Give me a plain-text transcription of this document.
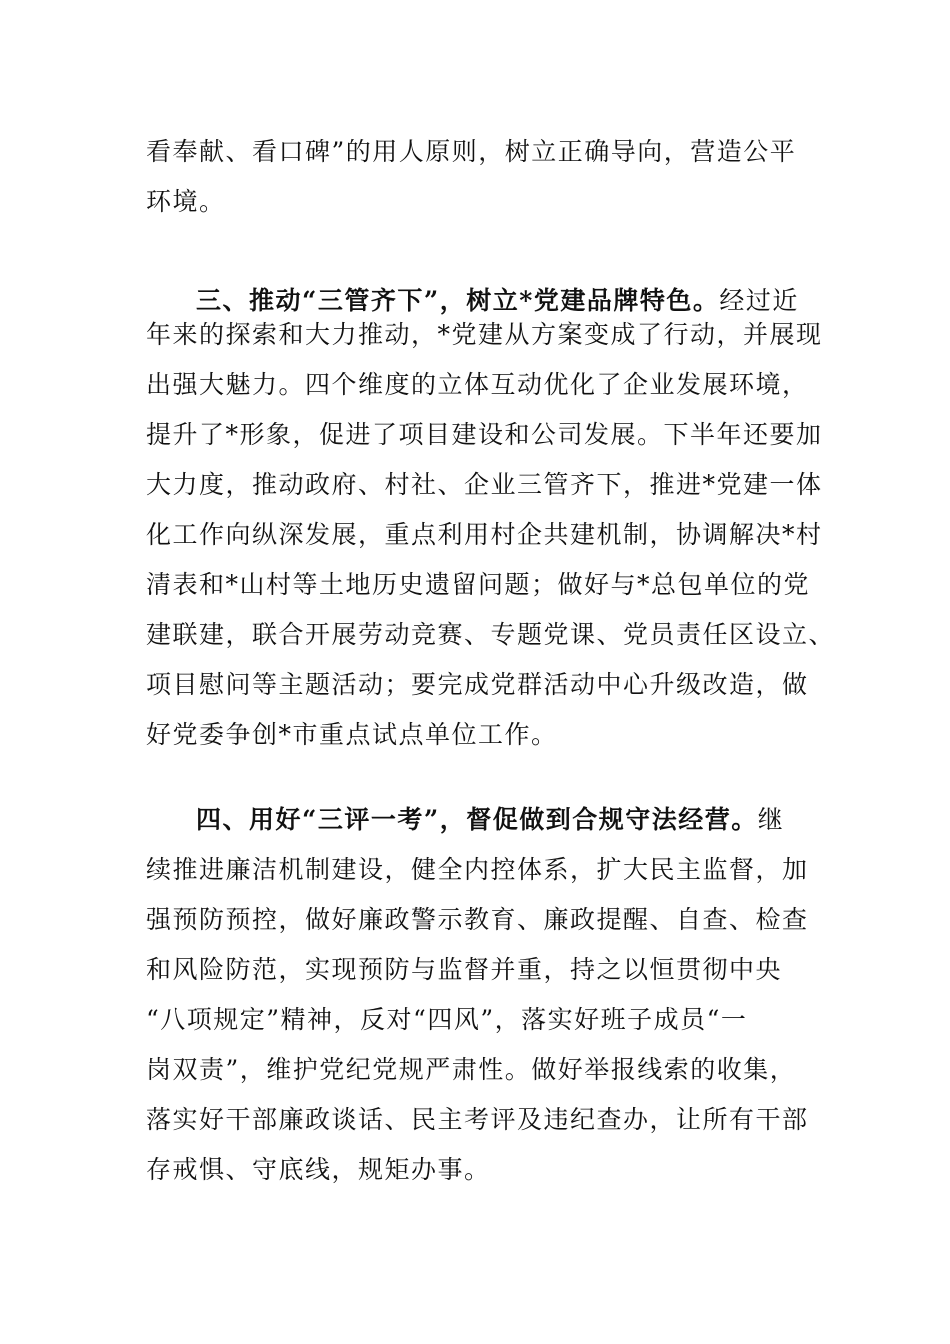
看奉献、看口碑”的用人原则，树立正确导向，营造公平
环境。
三、推动“三管齐下”，树立*党建品牌特色。经过近
年来的探索和大力推动，*党建从方案变成了行动，并展现
出强大魅力。四个维度的立体互动优化了企业发展环境，
提升了*形象，促进了项目建设和公司发展。下半年还要加
大力度，推动政府、村社、企业三管齐下，推进*党建一体
化工作向纵深发展，重点利用村企共建机制，协调解决*村
清表和*山村等土地历史遗留问题；做好与*总包单位的党
建联建，联合开展劳动竞赛、专题党课、党员责任区设立、
项目慰问等主题活动；要完成党群活动中心升级改造，做
好党委争创*市重点试点单位工作。
四、用好“三评一考”，督促做到合规守法经营。继
续推进廉洁机制建设，健全内控体系，扩大民主监督，加
强预防预控，做好廉政警示教育、廉政提醒、自查、检查
和风险防范，实现预防与监督并重，持之以恒贯彻中央
“八项规定”精神，反对“四风”，落实好班子成员“一
岗双责”，维护党纪党规严肃性。做好举报线索的收集，
落实好干部廉政谈话、民主考评及违纪查办，让所有干部
存戒惧、守底线，规矩办事。
